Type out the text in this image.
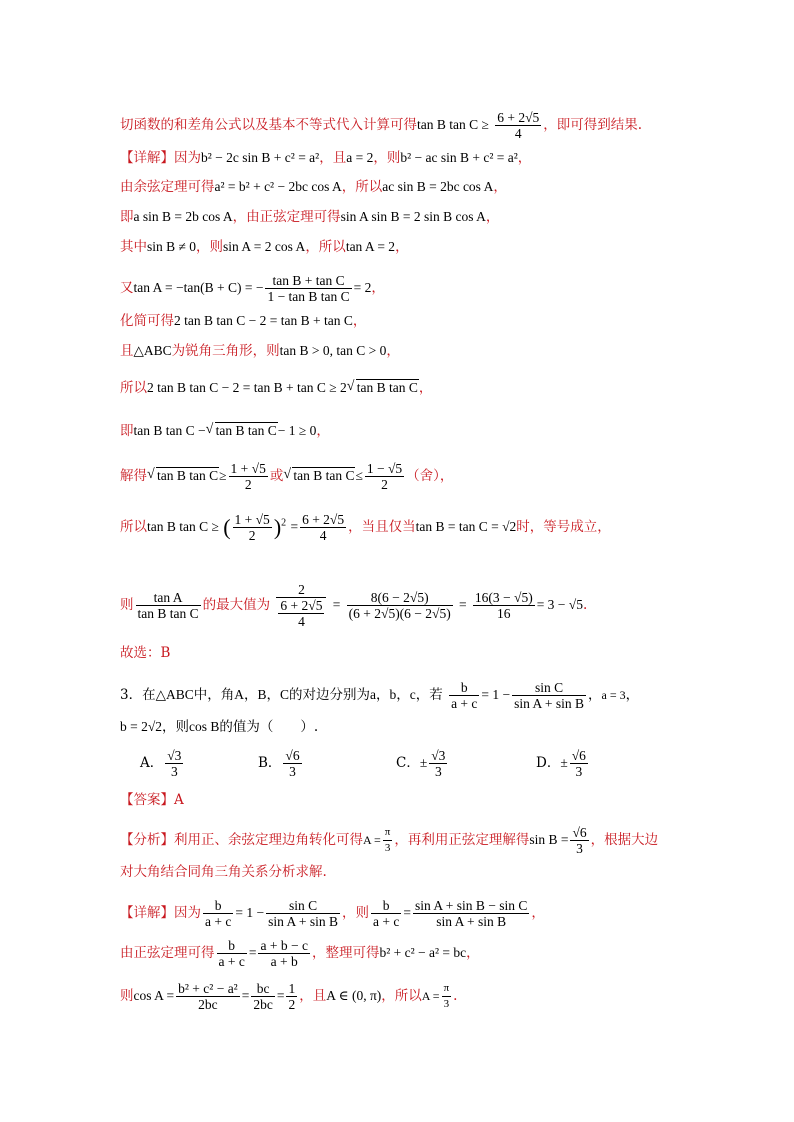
切函数的和差角公式以及基本不等式代入计算可得tan B $\tan C \ge \frac{6 + 2√5}{4}$ ，即可得到结果.
【详解】因为b² − 2c sin B + c² = a²，且a = 2，则b² − ac sin B + c² = a²，
由余弦定理可得a² = b² + c² − 2bc cos A，所以ac sin B = 2bc cos A，
即a sin B = 2b cos A，由正弦定理可得sin A sin B = 2 sin B cos A，
其中sin B ≠ 0，则sin A = 2 cos A，所以tan A = 2，
又tan A = −tan(B + C) = − $\frac{\text{tan B + tan C}}{\text{1 − tan B tan C}} = 2$，
化简可得2 tan B tan C − 2 = tan B + tan C，
且△ABC为锐角三角形，则tan B > 0, tan C > 0，
所以2 tan B tan C − 2 = tan B + tan C ≥ 2 √ tan B tan C，
即tan B tan C − √ tan B tan C− 1 ≥ 0，
解得 √ tan B $\tan C\ge \frac{1 + √5}{2}$ 或 √ tan B $\tan C\le \frac{1 - √5}{2}$ （舍），
所以tan B tan C ≥ ( $\frac{1 + √5}{2} )^2 = \frac{6 + 2√5}{4}$ ，当且仅当tan B = tan C = √2时，等号成立，
则 $\frac{\text{tan A}}{\text{tan B tan C}}$ 的最大值为 $\frac{2}{\frac{6 + 2√5}{4}} = \frac{8(6 - 2√5)}{(6 + 2√5)(6 - 2√5)} = \frac{16(3 - √5)}{16} = 3 - √5$.
故选：B
3．在△ABC中，角A，B，C的对边分别为a，b，c，若 $\frac{b}{a + c} = 1 - \frac{\text{sin C}}{\text{sin A + sin B}}$ ，a = 3，
b = 2√2，则cos B的值为（　　）.
A． $\frac{√3}{3}$	B． $\frac{√6}{3}$	C．± $\frac{√3}{3}$	D．± $\frac{√6}{3}$
【答案】A
【分析】利用正、余弦定理边角转化可得$A = \frac{\pi}{3}$ ，再利用正弦定理解得$\sin B = \frac{√6}{3}$ ，根据大边
对大角结合同角三角关系分析求解.
【详解】因为 $\frac{b}{a + c} = 1 - \frac{\text{sin C}}{\text{sin A + sin B}}$ ，则 $\frac{b}{a + c} = \frac{\text{sin A + sin B − sin C}}{\text{sin A + sin B}}$ ，
由正弦定理可得 $\frac{b}{a + c} = \frac{a + b - c}{a + b}$ ，整理可得b² + c² − a² = bc，
则$\cos A = \frac{\text{b² + c² − a²}}{2bc} = \frac{bc}{2bc} = \frac{1}{2}$ ，且A ∈ (0, π)，所以$A = \frac{\pi}{3}$ .
